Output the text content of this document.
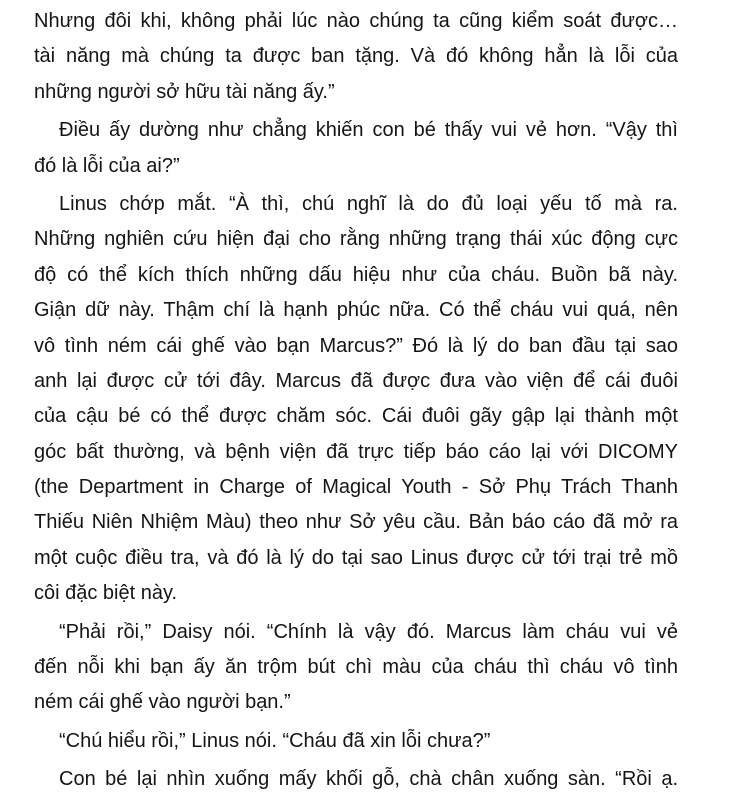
Nhưng đôi khi, không phải lúc nào chúng ta cũng kiểm soát được…
tài năng mà chúng ta được ban tặng. Và đó không hẳn là lỗi của
những người sở hữu tài năng ấy.”
Điều ấy dường như chẳng khiến con bé thấy vui vẻ hơn. “Vậy thì
đó là lỗi của ai?”
Linus chớp mắt. “À thì, chú nghĩ là do đủ loại yếu tố mà ra.
Những nghiên cứu hiện đại cho rằng những trạng thái xúc động cực
độ có thể kích thích những dấu hiệu như của cháu. Buồn bã này.
Giận dữ này. Thậm chí là hạnh phúc nữa. Có thể cháu vui quá, nên
vô tình ném cái ghế vào bạn Marcus?” Đó là lý do ban đầu tại sao
anh lại được cử tới đây. Marcus đã được đưa vào viện để cái đuôi
của cậu bé có thể được chăm sóc. Cái đuôi gãy gập lại thành một
góc bất thường, và bệnh viện đã trực tiếp báo cáo lại với DICOMY
(the Department in Charge of Magical Youth - Sở Phụ Trách Thanh
Thiếu Niên Nhiệm Màu) theo như Sở yêu cầu. Bản báo cáo đã mở ra
một cuộc điều tra, và đó là lý do tại sao Linus được cử tới trại trẻ mồ
côi đặc biệt này.
“Phải rồi,” Daisy nói. “Chính là vậy đó. Marcus làm cháu vui vẻ
đến nỗi khi bạn ấy ăn trộm bút chì màu của cháu thì cháu vô tình
ném cái ghế vào người bạn.”
“Chú hiểu rồi,” Linus nói. “Cháu đã xin lỗi chưa?”
Con bé lại nhìn xuống mấy khối gỗ, chà chân xuống sàn. “Rồi ạ.
